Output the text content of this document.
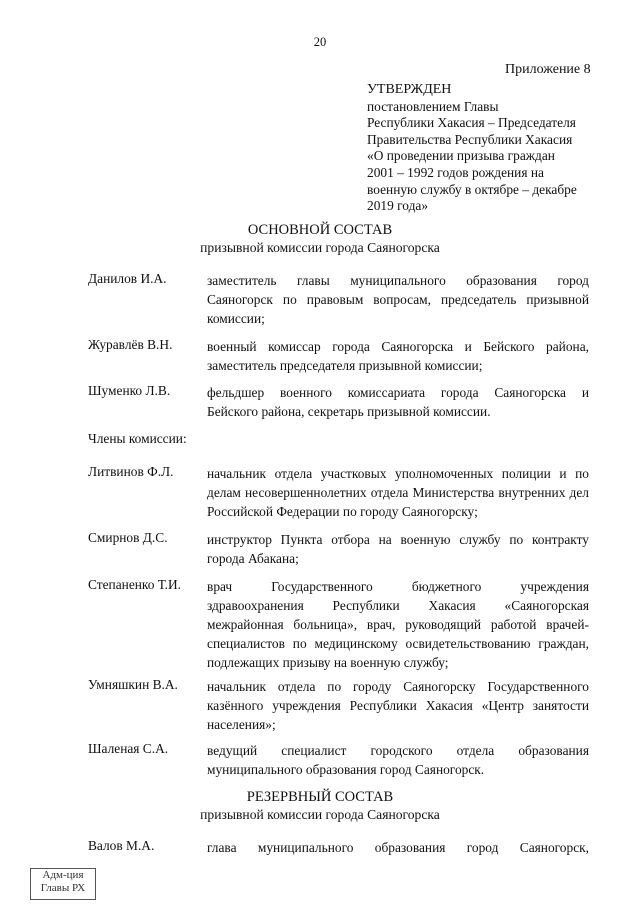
20
Приложение 8
УТВЕРЖДЕН
постановлением Главы
Республики Хакасия – Председателя
Правительства Республики Хакасия
«О проведении призыва граждан
2001 – 1992 годов рождения на
военную службу в октябре – декабре
2019 года»
ОСНОВНОЙ СОСТАВ
призывной комиссии города Саяногорска
Данилов И.А.	заместитель главы муниципального образования город
Саяногорск по правовым вопросам, председатель призывной
комиссии;
Журавлёв В.Н.	военный комиссар города Саяногорска и Бейского района,
заместитель председателя призывной комиссии;
Шуменко Л.В.	фельдшер военного комиссариата города Саяногорска и
Бейского района, секретарь призывной комиссии.
Члены комиссии:
Литвинов Ф.Л.	начальник отдела участковых уполномоченных полиции и по
делам несовершеннолетних отдела Министерства внутренних дел
Российской Федерации по городу Саяногорску;
Смирнов Д.С.	инструктор Пункта отбора на военную службу по контракту
города Абакана;
Степаненко Т.И. врач Государственного бюджетного учреждения
здравоохранения Республики Хакасия «Саяногорская
межрайонная больница», врач, руководящий работой врачей-
специалистов по медицинскому освидетельствованию граждан,
подлежащих призыву на военную службу;
Умняшкин В.А. начальник отдела по городу Саяногорску Государственного
казённого учреждения Республики Хакасия «Центр занятости
населения»;
Шаленая С.А.	ведущий специалист городского отдела образования
муниципального образования город Саяногорск.
РЕЗЕРВНЫЙ СОСТАВ
призывной комиссии города Саяногорска
Валов М.А.	глава муниципального образования город Саяногорск,
Адм-ция
Главы РХ
